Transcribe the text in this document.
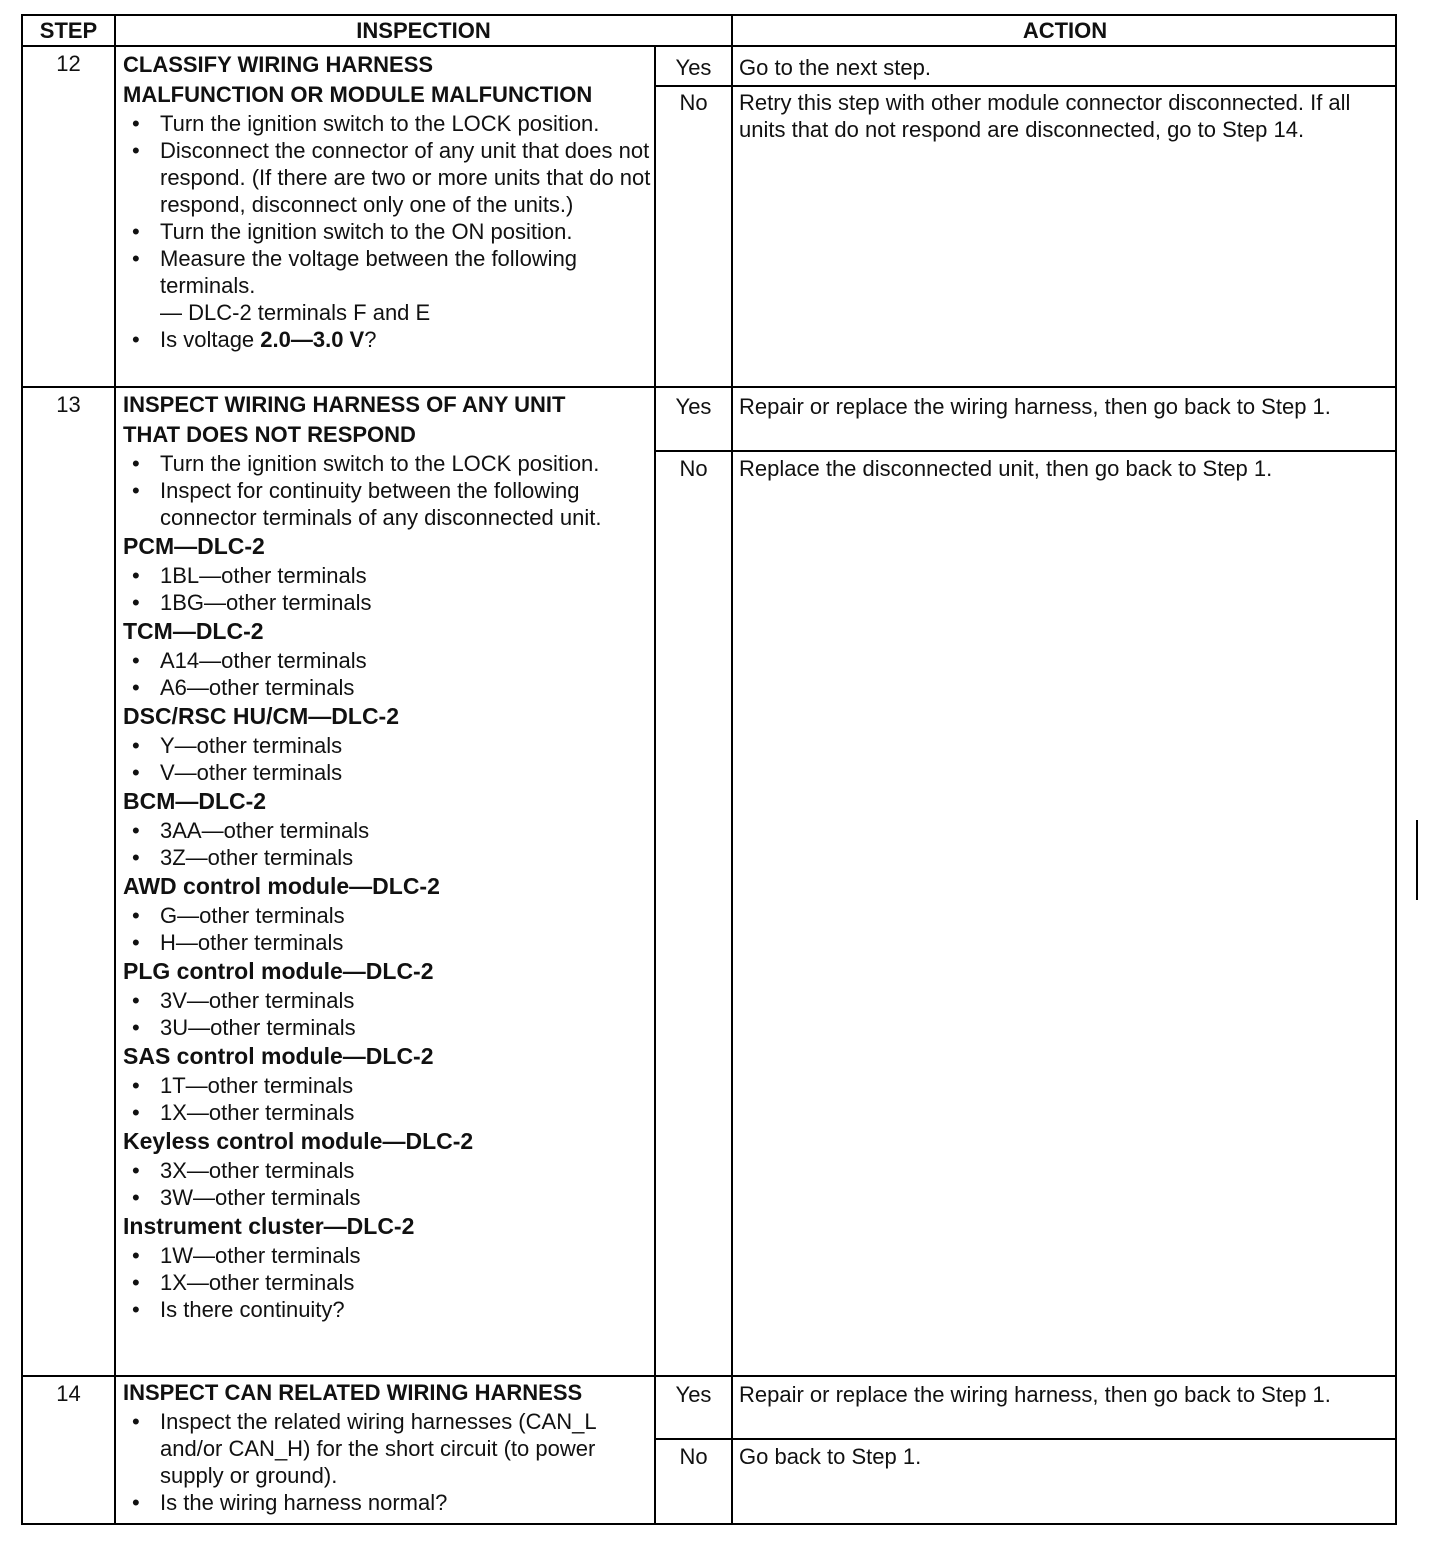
STEP	INSPECTION	ACTION
12	CLASSIFY WIRING HARNESS
MALFUNCTION OR MODULE MALFUNCTION
• Turn the ignition switch to the LOCK position.
• Disconnect the connector of any unit that does not respond. (If there are two or more units that do not respond, disconnect only one of the units.)
• Turn the ignition switch to the ON position.
• Measure the voltage between the following terminals.
— DLC-2 terminals F and E
• Is voltage 2.0—3.0 V?
Yes	Go to the next step.
No	Retry this step with other module connector disconnected. If all units that do not respond are disconnected, go to Step 14.
13	INSPECT WIRING HARNESS OF ANY UNIT
THAT DOES NOT RESPOND
• Turn the ignition switch to the LOCK position.
• Inspect for continuity between the following connector terminals of any disconnected unit.
PCM—DLC-2
• 1BL—other terminals
• 1BG—other terminals
TCM—DLC-2
• A14—other terminals
• A6—other terminals
DSC/RSC HU/CM—DLC-2
• Y—other terminals
• V—other terminals
BCM—DLC-2
• 3AA—other terminals
• 3Z—other terminals
AWD control module—DLC-2
• G—other terminals
• H—other terminals
PLG control module—DLC-2
• 3V—other terminals
• 3U—other terminals
SAS control module—DLC-2
• 1T—other terminals
• 1X—other terminals
Keyless control module—DLC-2
• 3X—other terminals
• 3W—other terminals
Instrument cluster—DLC-2
• 1W—other terminals
• 1X—other terminals
• Is there continuity?
Yes	Repair or replace the wiring harness, then go back to Step 1.
No	Replace the disconnected unit, then go back to Step 1.
14	INSPECT CAN RELATED WIRING HARNESS
• Inspect the related wiring harnesses (CAN_L and/or CAN_H) for the short circuit (to power supply or ground).
• Is the wiring harness normal?
Yes	Repair or replace the wiring harness, then go back to Step 1.
No	Go back to Step 1.
